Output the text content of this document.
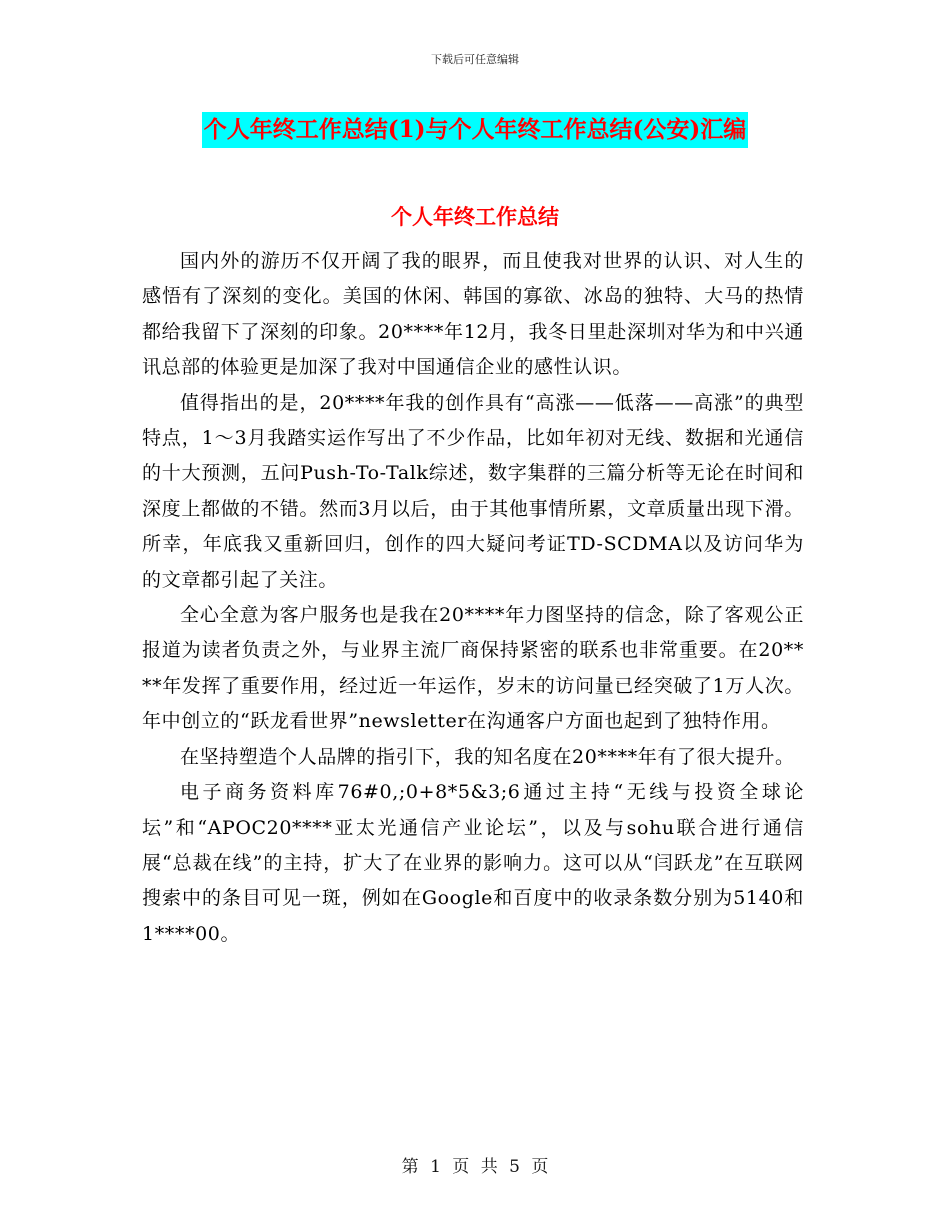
下载后可任意编辑
个人年终工作总结(1)与个人年终工作总结(公安)汇编
个人年终工作总结

国内外的游历不仅开阔了我的眼界，而且使我对世界的认识、对人生的感悟有了深刻的变化。美国的休闲、韩国的寡欲、冰岛的独特、大马的热情都给我留下了深刻的印象。20****年12月，我冬日里赴深圳对华为和中兴通讯总部的体验更是加深了我对中国通信企业的感性认识。

值得指出的是，20****年我的创作具有“高涨——低落——高涨”的典型特点，1～3月我踏实运作写出了不少作品，比如年初对无线、数据和光通信的十大预测，五问Push-To-Talk综述，数字集群的三篇分析等无论在时间和深度上都做的不错。然而3月以后，由于其他事情所累，文章质量出现下滑。所幸，年底我又重新回归，创作的四大疑问考证TD-SCDMA以及访问华为的文章都引起了关注。

全心全意为客户服务也是我在20****年力图坚持的信念，除了客观公正报道为读者负责之外，与业界主流厂商保持紧密的联系也非常重要。在20****年发挥了重要作用，经过近一年运作，岁末的访问量已经突破了1万人次。年中创立的“跃龙看世界”newsletter在沟通客户方面也起到了独特作用。

在坚持塑造个人品牌的指引下，我的知名度在20****年有了很大提升。

电子商务资料库76#0,;0+8*5&3;6通过主持“无线与投资全球论坛”和“APOC20****亚太光通信产业论坛”，以及与sohu联合进行通信展“总裁在线”的主持，扩大了在业界的影响力。这可以从“闫跃龙”在互联网搜索中的条目可见一斑，例如在Google和百度中的收录条数分别为5140和1****00。

第 1 页 共 5 页
